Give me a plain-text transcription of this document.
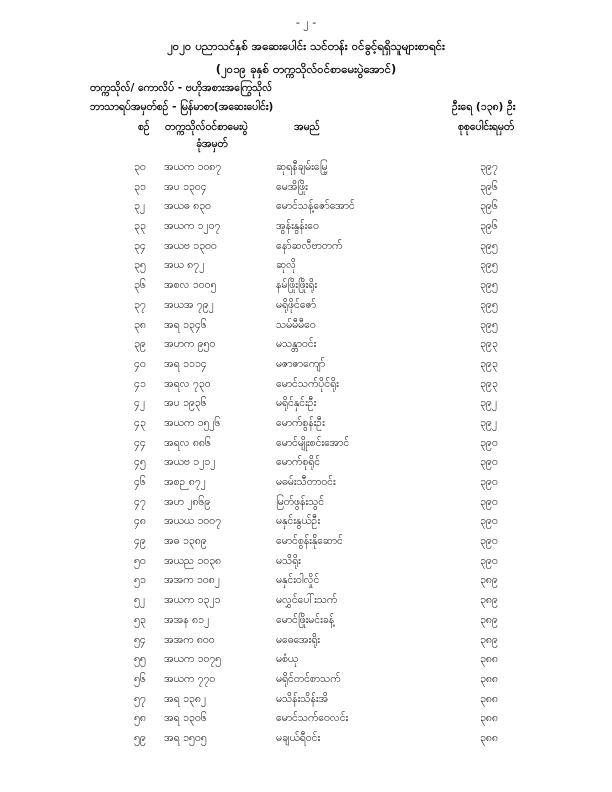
- ၂ -
၂၀၂၀ ပညာသင်နှစ် အဆေးပေါင်း သင်တန်း ဝင်ခွင့်ရရှိသူများစာရင်း
(၂၀၁၉ ခုနှစ် တက္ကသိုလ်ဝင်စာမေးပွဲအောင်)
တက္ကသိုလ်/ ကောလိပ် - ဗဟိုအစားအကြွေသိုလ်
ဘာသာရပ်အမှတ်စဉ် - မြန်မာစာ(အဆေးပေါင်း)	ဦးရေ (၁၃၈) ဦး
စဉ် တက္ကသိုလ်ဝင်စာမေးပွဲ
ခုံအမှတ်
အမည်	စုစုပေါင်းရမှတ်
၃၀ အယက ၁၀၈၇	ဆုရနီချမ်းမြေ့	၃၉၇
၃၁ အပ ၁၃၀၄	မေအိဖြိုး	၃၉၆
၃၂ အယဓ ၈၃၀	မောင်သန့်ဇော်အောင်	၃၉၆
၃၃ အယက ၁၂၀၇	အွန်းနွန်းဝေ	၃၉၆
၃၄ အယဗ ၁၃၀၀	နော်ဆလီဗာတက်	၃၉၅
၃၅ အယ ၈၇၂	ဆုလို	၃၉၅
၃၆ အစလ ၁၀၀၅	နမ်ဖြိုးဖြိုးရိုး	၃၉၅
၃၇ အယအ ၇၉၂	မရိုဖိုင်ဇော်	၃၉၅
၃၈ အရ ၁၃၄၆	သမ်မီမီဝေ	၃၉၅
၃၉ အဟက ၉၅၀	မသန္တာဝင်း	၃၉၃
၄၀ အရ ၁၁၁၄	မဇာဇာကျော်	၃၉၃
၄၁ အရလ ၇၃၀	မောင်သက်ပိုင်ရိုး	၃၉၃
၄၂ အပ ၁၉၃၆	မရိုင်နှင်းဦး	၃၉၂
၄၃ အယက ၁၅၂၆	မောက်စွန်းဦး	၃၉၂
၄၄ အရလ ၈၈၆	မောင်မျိုးစင်းအောင်	၃၉၀
၄၅ အယဗ ၁၂၁၂	မောက်စုရိုင်	၃၉၀
၄၆ အစဉ ၈၇၂	မဓမ်းသီတာဝင်း	၃၉၀
၄၇ အဟ ၂၈၆၉	မြတ်ဖွန်းသွင်	၃၉၀
၄၈ အယယ ၁၀၀၇	မနှင်းနွယ်ဦး	၃၉၀
၄၉ အဓ ၁၃၈၉	မောင်စွန်းနိုဆောင်	၃၉၀
၅၀ အယည ၁၀၃၈	မသိရိုး	၃၉၀
၅၁ အအက ၁၀၈၂	မနှင်းဝါလှိုင်	၃၈၉
၅၂ အယက ၁၃၂၁	မလွှင်ပေါ်းသက်	၃၈၉
၅၃ အအန ၈၁၂	မောင်ဖြိုးမင်းခန့်	၃၈၉
၅၄ အအက ၈၀၀	မဓေအေးရိုး	၃၈၉
၅၅ အယက ၁၀၇၅	မစံယု	၃၈၈
၅၆ အယက ၇၇၀	မရိုင်တင်စာသက်	၃၈၈
၅၇ အရ ၁၃၈၂	မသိန်းသိန်းအိ	၃၈၈
၅၈ အရ ၁၃၀၆	မောင်သက်ဝေလင်း	၃၈၈
၅၉ အရ ၁၅၀၅	မချယ်ရီဝင်း	၃၈၈
